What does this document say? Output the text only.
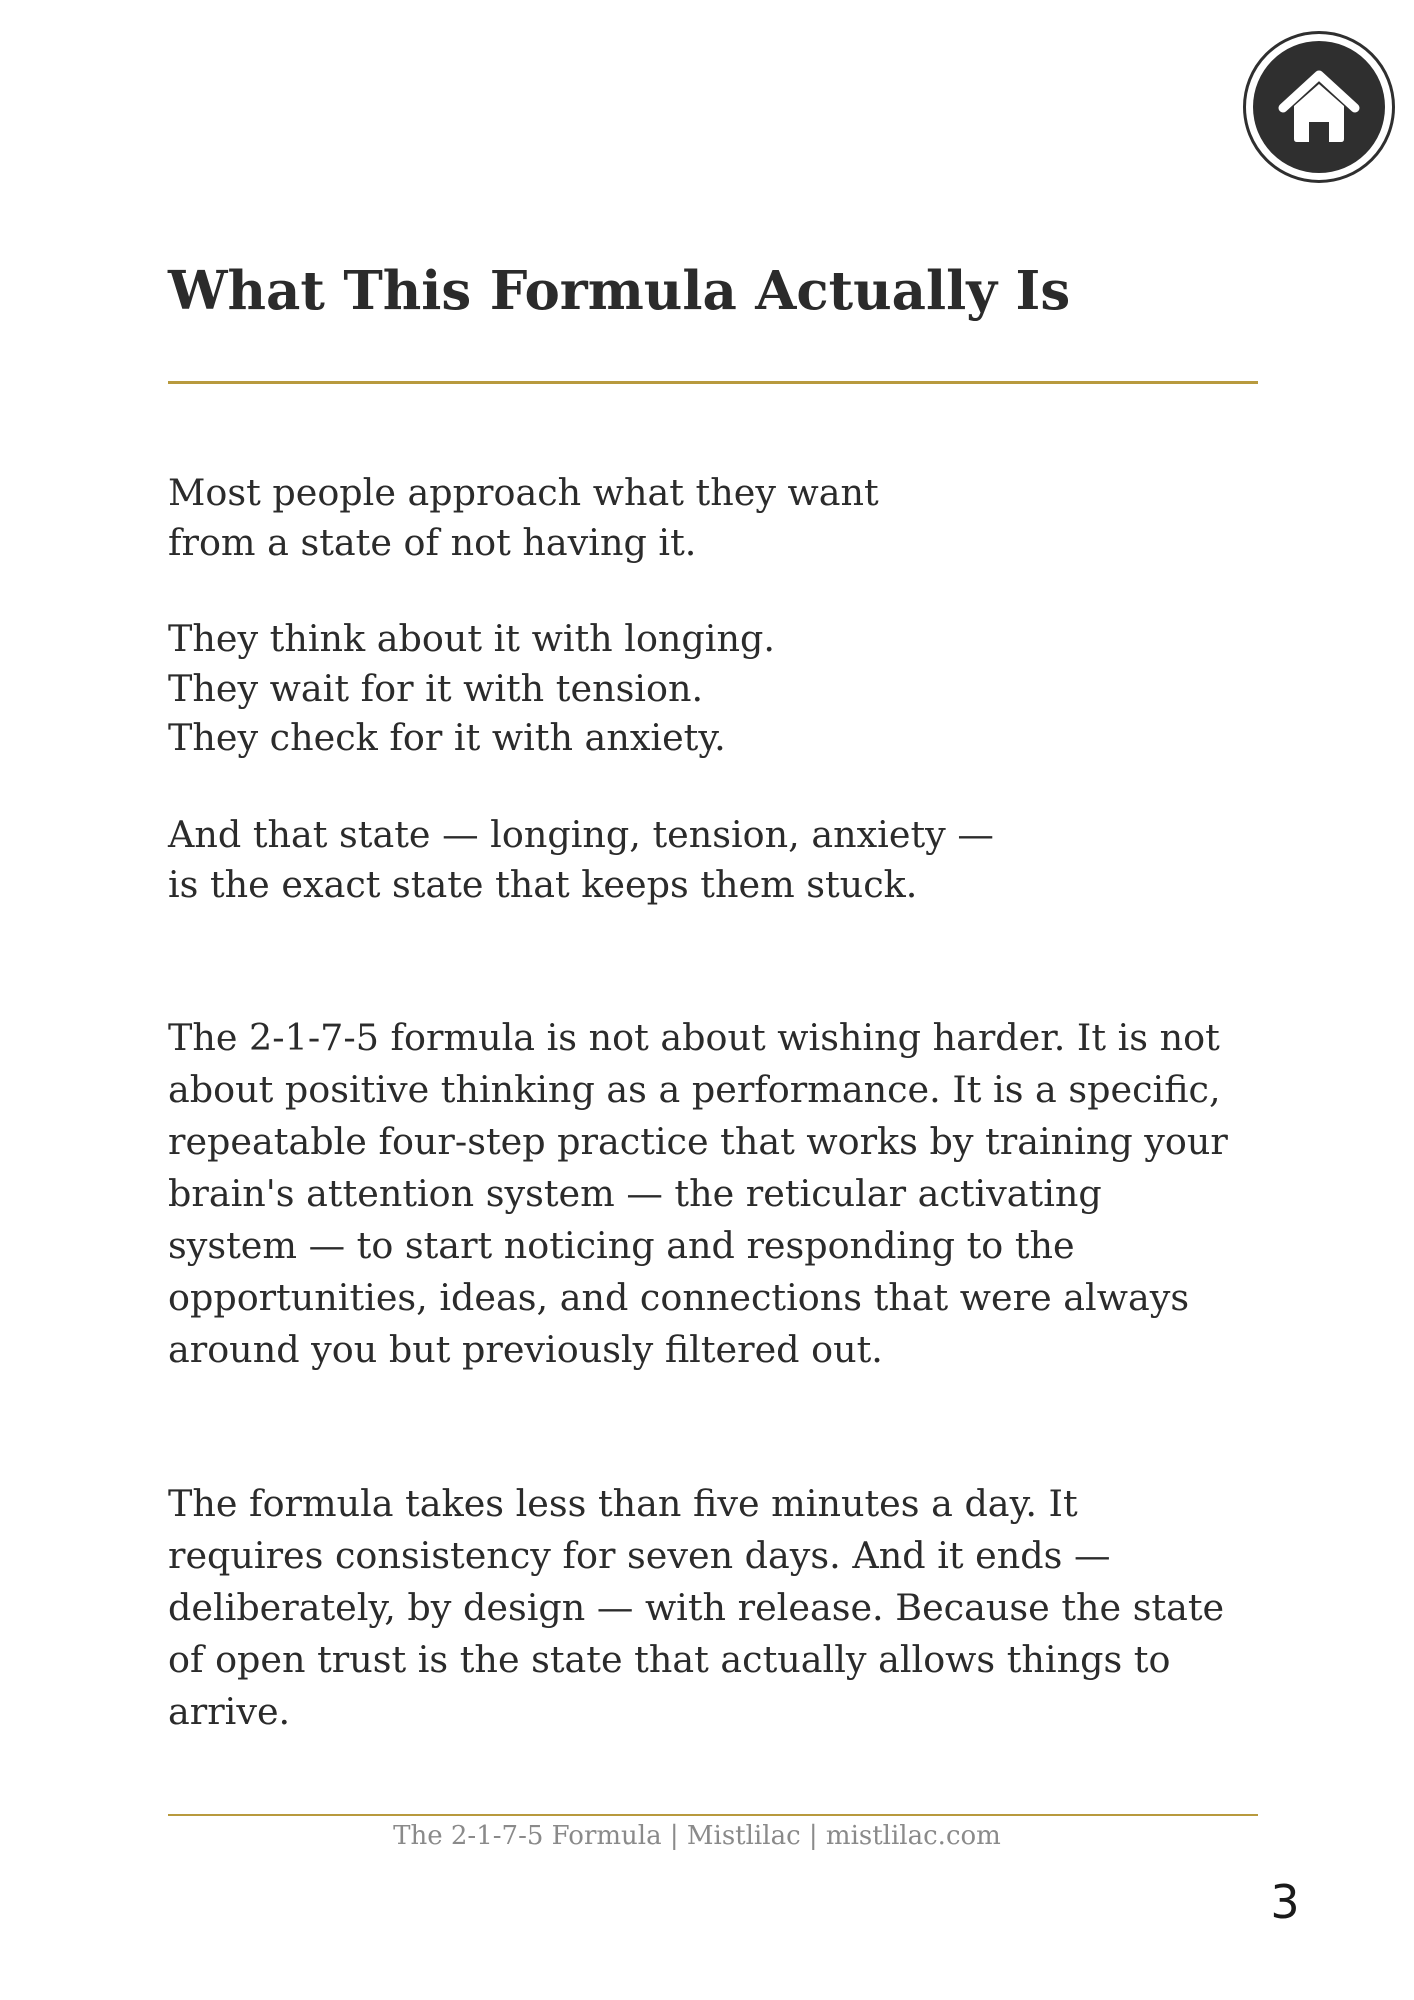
What This Formula Actually Is

Most people approach what they want
from a state of not having it.

They think about it with longing.
They wait for it with tension.
They check for it with anxiety.

And that state — longing, tension, anxiety —
is the exact state that keeps them stuck.

The 2-1-7-5 formula is not about wishing harder. It is not
about positive thinking as a performance. It is a specific,
repeatable four-step practice that works by training your
brain's attention system — the reticular activating
system — to start noticing and responding to the
opportunities, ideas, and connections that were always
around you but previously filtered out.

The formula takes less than five minutes a day. It
requires consistency for seven days. And it ends —
deliberately, by design — with release. Because the state
of open trust is the state that actually allows things to
arrive.

The 2-1-7-5 Formula | Mistlilac | mistlilac.com
3
